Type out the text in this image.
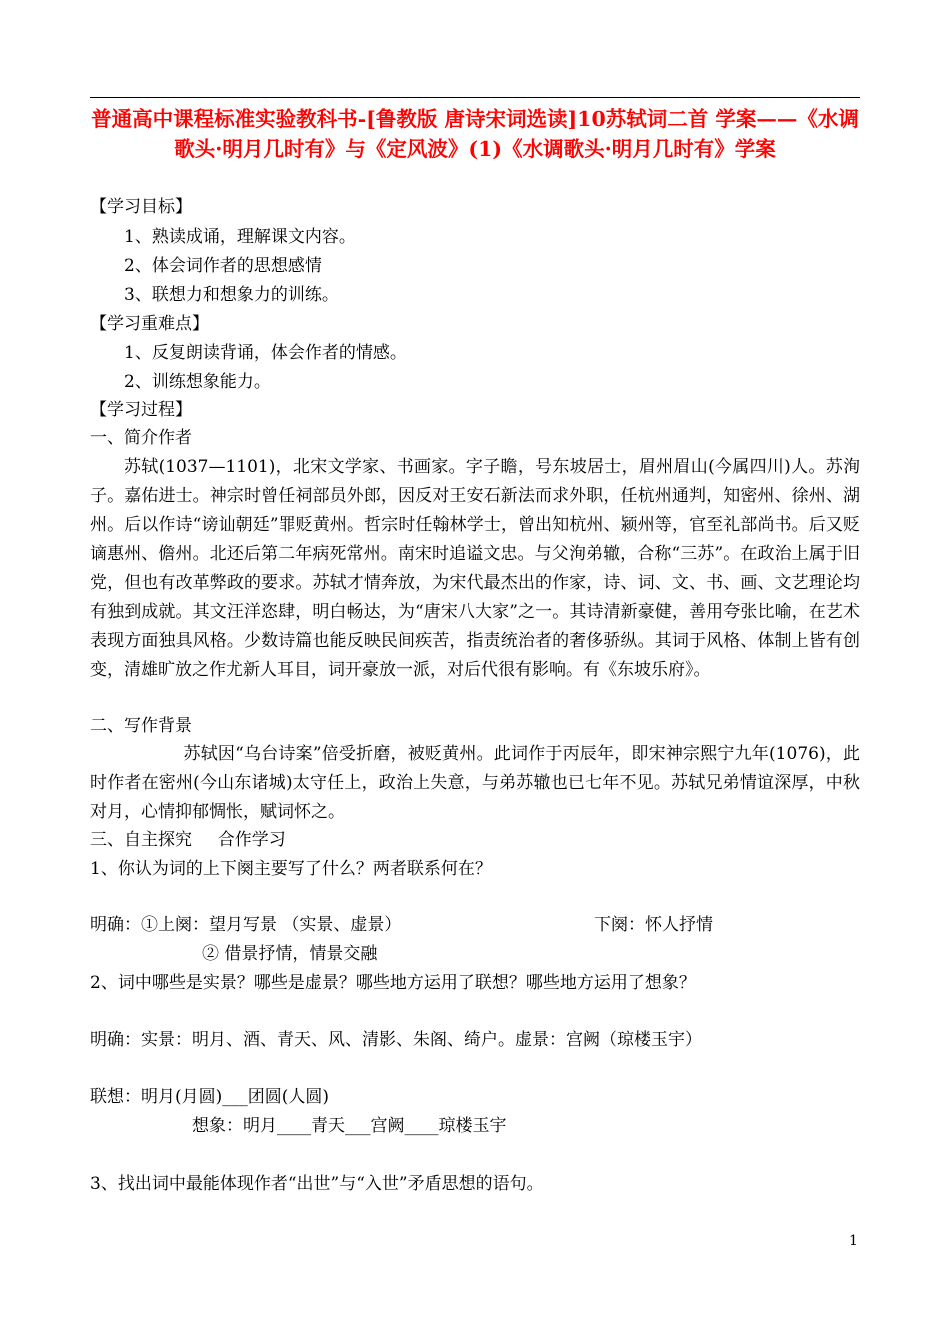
普通高中课程标准实验教科书-[鲁教版 唐诗宋词选读]10苏轼词二首 学案——《水调歌头·明月几时有》与《定风波》(1)《水调歌头·明月几时有》学案
【学习目标】
1、熟读成诵，理解课文内容。
2、体会词作者的思想感情
3、联想力和想象力的训练。
【学习重难点】
1、反复朗读背诵，体会作者的情感。
2、训练想象能力。
【学习过程】
一、简介作者
苏轼(1037—1101)，北宋文学家、书画家。字子瞻，号东坡居士，眉州眉山(今属四川)人。苏洵子。嘉佑进士。神宗时曾任祠部员外郎，因反对王安石新法而求外职，任杭州通判，知密州、徐州、湖州。后以作诗“谤讪朝廷”罪贬黄州。哲宗时任翰林学士，曾出知杭州、颍州等，官至礼部尚书。后又贬谪惠州、儋州。北还后第二年病死常州。南宋时追谥文忠。与父洵弟辙，合称“三苏”。在政治上属于旧党，但也有改革弊政的要求。苏轼才情奔放，为宋代最杰出的作家，诗、词、文、书、画、文艺理论均有独到成就。其文汪洋恣肆，明白畅达，为“唐宋八大家”之一。其诗清新豪健，善用夸张比喻，在艺术表现方面独具风格。少数诗篇也能反映民间疾苦，指责统治者的奢侈骄纵。其词于风格、体制上皆有创变，清雄旷放之作尤新人耳目，词开豪放一派，对后代很有影响。有《东坡乐府》。
二、写作背景
苏轼因“乌台诗案”倍受折磨，被贬黄州。此词作于丙辰年，即宋神宗熙宁九年(1076)，此时作者在密州(今山东诸城)太守任上，政治上失意，与弟苏辙也已七年不见。苏轼兄弟情谊深厚，中秋对月，心情抑郁惆怅，赋词怀之。
三、自主探究 合作学习
1、你认为词的上下阕主要写了什么？两者联系何在？
明确：①上阕：望月写景 （实景、虚景）	下阕：怀人抒情
② 借景抒情，情景交融
2、词中哪些是实景？哪些是虚景？哪些地方运用了联想？哪些地方运用了想象？
明确：实景：明月、酒、青天、风、清影、朱阁、绮户。虚景：宫阙（琼楼玉宇）
联想：明月(月圆)___团圆(人圆)
想象：明月____青天___宫阙____琼楼玉宇
3、找出词中最能体现作者“出世”与“入世”矛盾思想的语句。
1
